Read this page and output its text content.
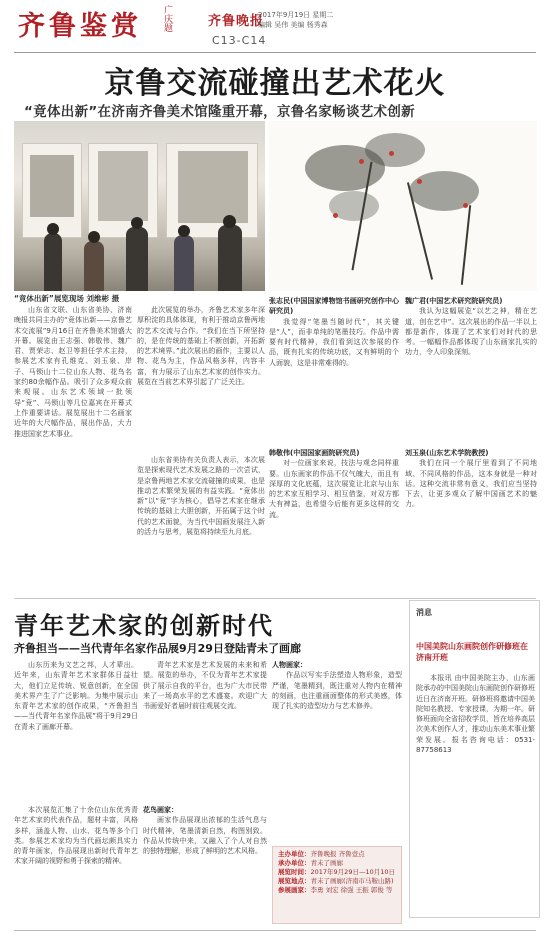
齐鲁鉴赏 广庆题	齐鲁晚报
2017年9月19日 星期二
编辑 吴伟 美编 杨秀森
C13-C14
京鲁交流碰撞出艺术花火
“竟体出新”在济南齐鲁美术馆隆重开幕，京鲁名家畅谈艺术创新
“竟体出新”展览现场 刘维彬 摄

山东省文联、山东省美协、济南晚报共同主办的“竟体出新——京鲁艺术交流展”9月16日在齐鲁美术馆盛大开幕。展览由王志强、韩敬伟、魏广君、贾荣志、赵卫等担任学术主持，参展艺术家有孔维克、刘玉泉、岸子、马锁山十二位山东人物、花鸟名家约80余幅作品。吸引了众多观众前来观展。山东艺术领域一批领导“竟”、马锁山等几位嘉宾在开幕式上作重要讲话。展览展出十二名画家近年的大尺幅作品，展出作品，大力推进国家艺术事业。

此次展览的举办，齐鲁艺术家多年深厚积淀的具体体现，有利于推动京鲁两地的艺术交流与合作。“我们在当下所坚持的，是在传统的基础上不断创新，开拓新的艺术境界。”此次展出的画作，主要以人物、花鸟为主，作品风格多样，内容丰富，有力展示了山东艺术家的创作实力。展览在当前艺术界引起了广泛关注。

山东省美协有关负责人表示，本次展览是探索现代艺术发展之路的一次尝试，是京鲁两地艺术家交流碰撞的成果，也是推动艺术繁荣发展的有益实践。“竟体出新”以“竟”字为核心，倡导艺术家在继承传统的基础上大胆创新，开拓属于这个时代的艺术面貌，为当代中国画发展注入新的活力与思考，展览将持续至九月底。

张志民(中国国家博物馆书画研究创作中心研究员)

我觉得“笔墨当随时代”，其关键是“人”，而非单纯的笔墨技巧。作品中需要有时代精神，我们看到这次参展的作品，既有扎实的传统功底，又有鲜明的个人面貌，这是非常难得的。

韩敬伟(中国国家画院研究员)

对一位画家来说，技法与观念同样重要。山东画家的作品不仅气魄大，而且有深厚的文化底蕴，这次展览让北京与山东的艺术家互相学习、相互借鉴，对双方都大有裨益，也希望今后能有更多这样的交流。

魏广君(中国艺术研究院研究员)

我认为这幅展览“以艺之神，精在艺道，创在艺中”。这次展出的作品一半以上都是新作，体现了艺术家们对时代的思考。一幅幅作品都体现了山东画家扎实的功力，令人印象深刻。

刘玉泉(山东艺术学院教授)

我们在同一个展厅里看到了不同地域、不同风格的作品，这本身就是一种对话。这种交流非常有意义，我们应当坚持下去，让更多观众了解中国画艺术的魅力。

青年艺术家的创新时代
齐鲁担当——当代青年名家作品展9月29日登陆青未了画廊

山东历来为文艺之邦，人才辈出。近年来，山东青年艺术家群体日益壮大，他们立足传统、锐意创新，在全国美术界产生了广泛影响。为集中展示山东青年艺术家的创作成果，“齐鲁担当——当代青年名家作品展”将于9月29日在青未了画廊开幕。

本次展览汇集了十余位山东优秀青年艺术家的代表作品，题材丰富，风格多样，涵盖人物、山水、花鸟等多个门类。参展艺术家均为当代画坛颇具实力的青年画家，作品展现出新时代青年艺术家开阔的视野和勇于探索的精神。

青年艺术家是艺术发展的未来和希望。展览的举办，不仅为青年艺术家提供了展示自我的平台，也为广大市民带来了一场高水平的艺术盛宴。欢迎广大书画爱好者届时前往观展交流。

花鸟画家：

画家作品展现出浓郁的生活气息与时代精神，笔墨清新自然，构图别致。作品从传统中来，又融入了个人对自然的独特理解，形成了鲜明的艺术风格。

人物画家：

作品以写实手法塑造人物形象，造型严谨，笔墨精到，既注重对人物内在精神的刻画，也注重画面整体的形式美感，体现了扎实的造型功力与艺术修养。

主办单位：齐鲁晚报 齐鲁壹点
承办单位：青未了画廊
展览时间：2017年9月29日—10月10日
展览地点：青未了画廊(济南市马鞍山路)
参展画家：李勇 刘宏 徐强 王振 郭俊 等
消息
中国美院山东画院创作研修班在济南开班

本报讯 由中国美院主办，山东画院承办的中国美院山东画院创作研修班近日在济南开班。研修班将邀请中国美院知名教授、专家授课，为期一年。研修班面向全省招收学员，旨在培养高层次美术创作人才，推动山东美术事业繁荣发展。报名咨询电话：0531-87758613
